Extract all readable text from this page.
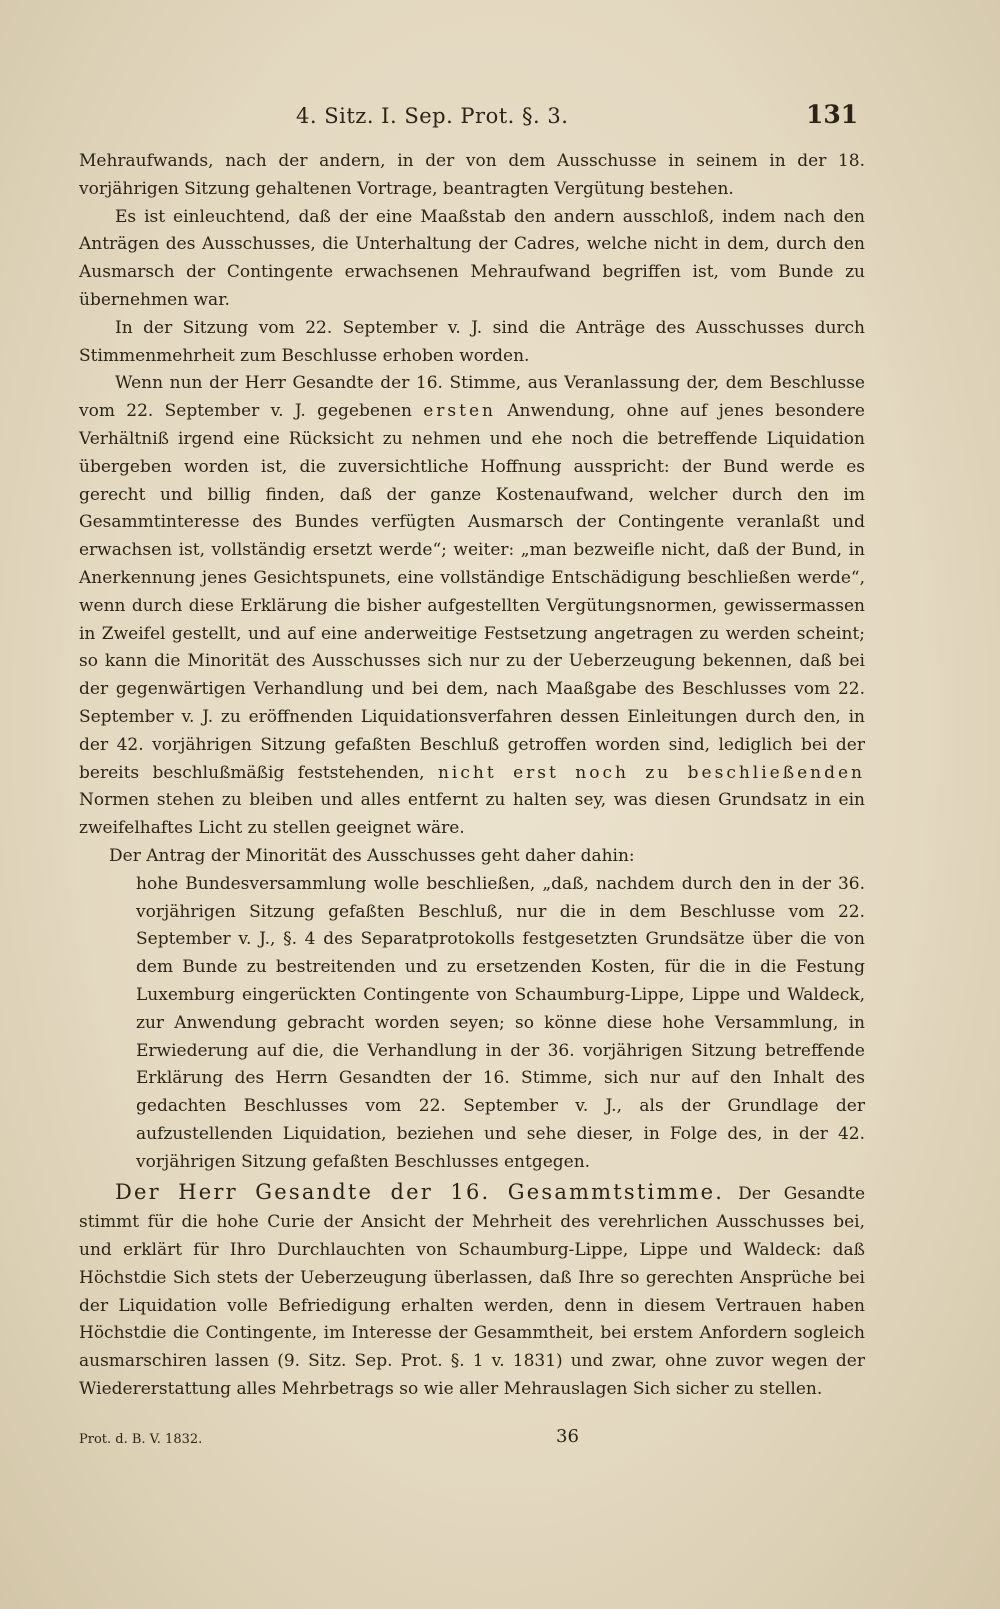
4. Sitz. I. Sep. Prot. §. 3.	131

Mehraufwands, nach der andern, in der von dem Ausschusse in seinem in der 18. vorjährigen Sitzung gehaltenen Vortrage, beantragten Vergütung bestehen.

Es ist einleuchtend, daß der eine Maaßstab den andern ausschloß, indem nach den Anträgen des Ausschusses, die Unterhaltung der Cadres, welche nicht in dem, durch den Ausmarsch der Contingente erwachsenen Mehraufwand begriffen ist, vom Bunde zu übernehmen war.

In der Sitzung vom 22. September v. J. sind die Anträge des Ausschusses durch Stimmenmehrheit zum Beschlusse erhoben worden.

Wenn nun der Herr Gesandte der 16. Stimme, aus Veranlassung der, dem Beschlusse vom 22. September v. J. gegebenen ersten Anwendung, ohne auf jenes besondere Verhältniß irgend eine Rücksicht zu nehmen und ehe noch die betreffende Liquidation übergeben worden ist, die zuversichtliche Hoffnung ausspricht: der Bund werde es gerecht und billig finden, daß der ganze Kostenaufwand, welcher durch den im Gesammtinteresse des Bundes verfügten Ausmarsch der Contingente veranlaßt und erwachsen ist, vollständig ersetzt werde“; weiter: „man bezweifle nicht, daß der Bund, in Anerkennung jenes Gesichtspunets, eine vollständige Entschädigung beschließen werde“, wenn durch diese Erklärung die bisher aufgestellten Vergütungsnormen, gewissermassen in Zweifel gestellt, und auf eine anderweitige Festsetzung angetragen zu werden scheint; so kann die Minorität des Ausschusses sich nur zu der Ueberzeugung bekennen, daß bei der gegenwärtigen Verhandlung und bei dem, nach Maaßgabe des Beschlusses vom 22. September v. J. zu eröffnenden Liquidationsverfahren dessen Einleitungen durch den, in der 42. vorjährigen Sitzung gefaßten Beschluß getroffen worden sind, lediglich bei der bereits beschlußmäßig feststehenden, nicht erst noch zu beschließenden Normen stehen zu bleiben und alles entfernt zu halten sey, was diesen Grundsatz in ein zweifelhaftes Licht zu stellen geeignet wäre.

Der Antrag der Minorität des Ausschusses geht daher dahin:

hohe Bundesversammlung wolle beschließen, „daß, nachdem durch den in der 36. vorjährigen Sitzung gefaßten Beschluß, nur die in dem Beschlusse vom 22. September v. J., §. 4 des Separatprotokolls festgesetzten Grundsätze über die von dem Bunde zu bestreitenden und zu ersetzenden Kosten, für die in die Festung Luxemburg eingerückten Contingente von Schaumburg-Lippe, Lippe und Waldeck, zur Anwendung gebracht worden seyen; so könne diese hohe Versammlung, in Erwiederung auf die, die Verhandlung in der 36. vorjährigen Sitzung betreffende Erklärung des Herrn Gesandten der 16. Stimme, sich nur auf den Inhalt des gedachten Beschlusses vom 22. September v. J., als der Grundlage der aufzustellenden Liquidation, beziehen und sehe dieser, in Folge des, in der 42. vorjährigen Sitzung gefaßten Beschlusses entgegen.

Der Herr Gesandte der 16. Gesammtstimme. Der Gesandte stimmt für die hohe Curie der Ansicht der Mehrheit des verehrlichen Ausschusses bei, und erklärt für Ihro Durchlauchten von Schaumburg-Lippe, Lippe und Waldeck: daß Höchstdie Sich stets der Ueberzeugung überlassen, daß Ihre so gerechten Ansprüche bei der Liquidation volle Befriedigung erhalten werden, denn in diesem Vertrauen haben Höchstdie die Contingente, im Interesse der Gesammtheit, bei erstem Anfordern sogleich ausmarschiren lassen (9. Sitz. Sep. Prot. §. 1 v. 1831) und zwar, ohne zuvor wegen der Wiedererstattung alles Mehrbetrags so wie aller Mehrauslagen Sich sicher zu stellen.

Prot. d. B. V. 1832.	36
